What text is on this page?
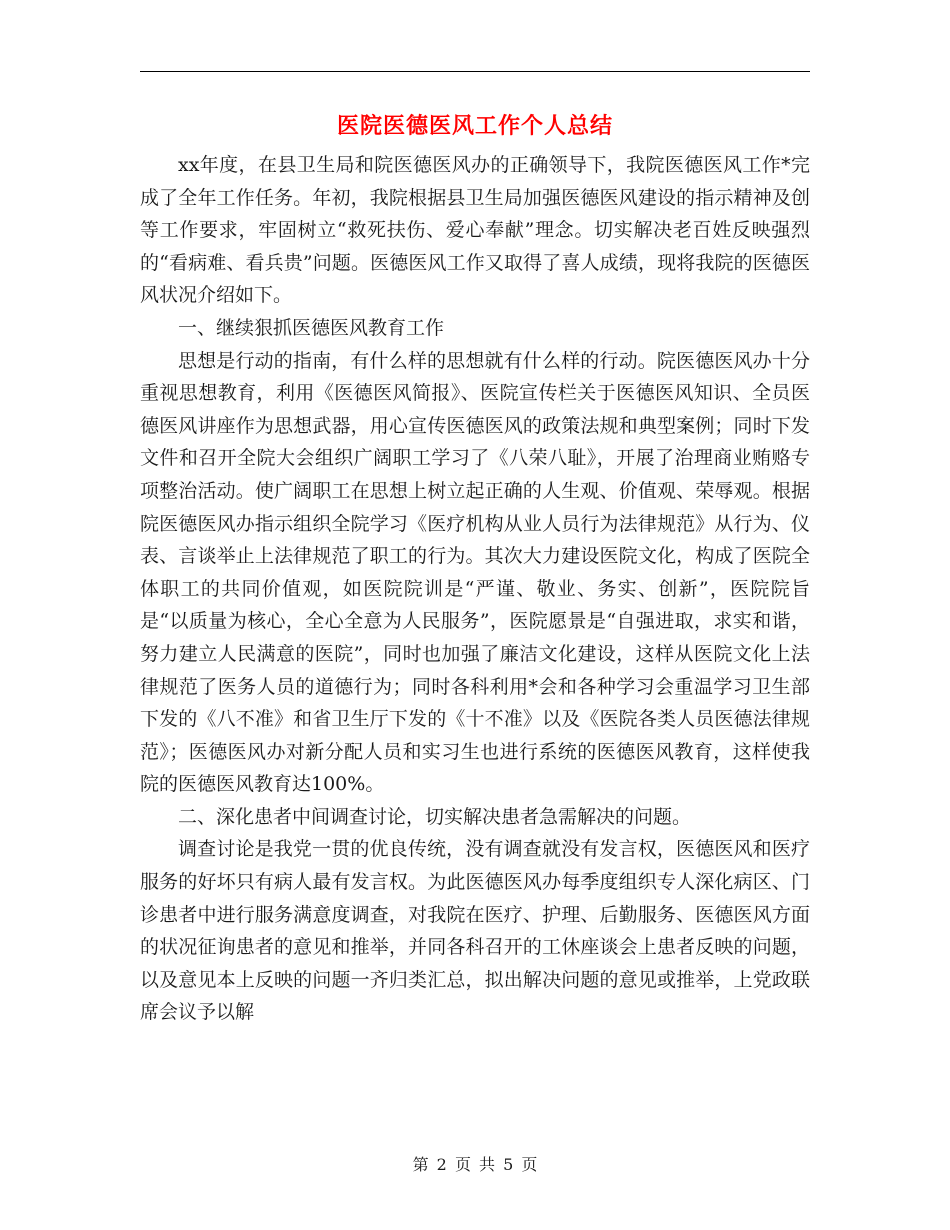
医院医德医风工作个人总结

xx年度，在县卫生局和院医德医风办的正确领导下，我院医德医风工作*完成了全年工作任务。年初，我院根据县卫生局加强医德医风建设的指示精神及创等工作要求，牢固树立“救死扶伤、爱心奉献”理念。切实解决老百姓反映强烈的“看病难、看兵贵”问题。医德医风工作又取得了喜人成绩，现将我院的医德医风状况介绍如下。

一、继续狠抓医德医风教育工作

思想是行动的指南，有什么样的思想就有什么样的行动。院医德医风办十分重视思想教育，利用《医德医风简报》、医院宣传栏关于医德医风知识、全员医德医风讲座作为思想武器，用心宣传医德医风的政策法规和典型案例；同时下发文件和召开全院大会组织广阔职工学习了《八荣八耻》，开展了治理商业贿赂专项整治活动。使广阔职工在思想上树立起正确的人生观、价值观、荣辱观。根据院医德医风办指示组织全院学习《医疗机构从业人员行为法律规范》从行为、仪表、言谈举止上法律规范了职工的行为。其次大力建设医院文化，构成了医院全体职工的共同价值观，如医院院训是“严谨、敬业、务实、创新”，医院院旨是“以质量为核心，全心全意为人民服务”，医院愿景是“自强进取，求实和谐，努力建立人民满意的医院”，同时也加强了廉洁文化建设，这样从医院文化上法律规范了医务人员的道德行为；同时各科利用*会和各种学习会重温学习卫生部下发的《八不准》和省卫生厅下发的《十不准》以及《医院各类人员医德法律规范》；医德医风办对新分配人员和实习生也进行系统的医德医风教育，这样使我院的医德医风教育达100%。

二、深化患者中间调查讨论，切实解决患者急需解决的问题。

调查讨论是我党一贯的优良传统，没有调查就没有发言权，医德医风和医疗服务的好坏只有病人最有发言权。为此医德医风办每季度组织专人深化病区、门诊患者中进行服务满意度调查，对我院在医疗、护理、后勤服务、医德医风方面的状况征询患者的意见和推举，并同各科召开的工休座谈会上患者反映的问题，以及意见本上反映的问题一齐归类汇总，拟出解决问题的意见或推举，上党政联席会议予以解

第 2 页 共 5 页
